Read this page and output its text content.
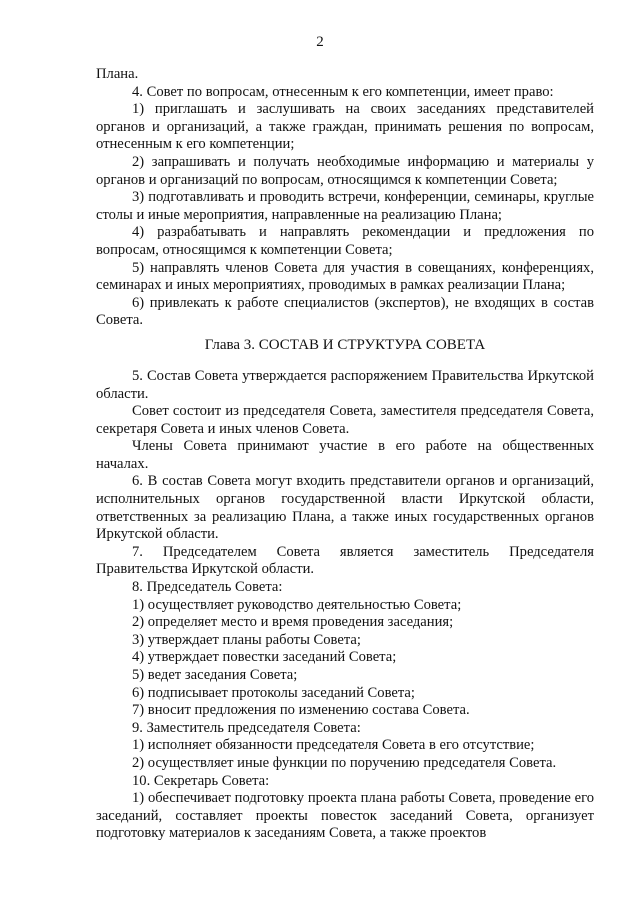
2

Плана.

4. Совет по вопросам, отнесенным к его компетенции, имеет право:

1) приглашать и заслушивать на своих заседаниях представителей органов и организаций, а также граждан, принимать решения по вопросам, отнесенным к его компетенции;

2) запрашивать и получать необходимые информацию и материалы у органов и организаций по вопросам, относящимся к компетенции Совета;

3) подготавливать и проводить встречи, конференции, семинары, круглые столы и иные мероприятия, направленные на реализацию Плана;

4) разрабатывать и направлять рекомендации и предложения по вопросам, относящимся к компетенции Совета;

5) направлять членов Совета для участия в совещаниях, конференциях, семинарах и иных мероприятиях, проводимых в рамках реализации Плана;

6) привлекать к работе специалистов (экспертов), не входящих в состав Совета.

Глава 3. СОСТАВ И СТРУКТУРА СОВЕТА

5. Состав Совета утверждается распоряжением Правительства Иркутской области.

Совет состоит из председателя Совета, заместителя председателя Совета, секретаря Совета и иных членов Совета.

Члены Совета принимают участие в его работе на общественных началах.

6. В состав Совета могут входить представители органов и организаций, исполнительных органов государственной власти Иркутской области, ответственных за реализацию Плана, а также иных государственных органов Иркутской области.

7. Председателем Совета является заместитель Председателя Правительства Иркутской области.

8. Председатель Совета:

1) осуществляет руководство деятельностью Совета;

2) определяет место и время проведения заседания;

3) утверждает планы работы Совета;

4) утверждает повестки заседаний Совета;

5) ведет заседания Совета;

6) подписывает протоколы заседаний Совета;

7) вносит предложения по изменению состава Совета.

9. Заместитель председателя Совета:

1) исполняет обязанности председателя Совета в его отсутствие;

2) осуществляет иные функции по поручению председателя Совета.

10. Секретарь Совета:

1) обеспечивает подготовку проекта плана работы Совета, проведение его заседаний, составляет проекты повесток заседаний Совета, организует подготовку материалов к заседаниям Совета, а также проектов
